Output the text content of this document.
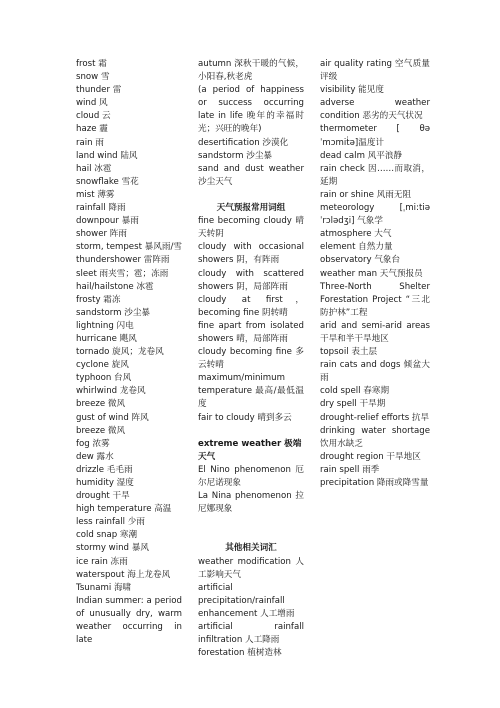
frost 霜

snow 雪

thunder 雷

wind 风

cloud 云

haze 霾

rain 雨

land wind 陆风

hail 冰雹

snowflake 雪花

mist 薄雾

rainfall 降雨

downpour 暴雨

shower 阵雨

storm, tempest 暴风雨/雪

thundershower 雷阵雨

sleet 雨夹雪；雹；冻雨

hail/hailstone 冰雹

frosty 霜冻

sandstorm 沙尘暴

lightning 闪电

hurricane 飓风

tornado 旋风；龙卷风

cyclone 旋风

typhoon 台风

whirlwind 龙卷风

breeze 微风

gust of wind 阵风

breeze 微风

fog 浓雾

dew 露水

drizzle 毛毛雨

humidity 湿度

drought 干旱

high temperature 高温

less rainfall 少雨

cold snap 寒潮

stormy wind 暴风

ice rain 冻雨

waterspout 海上龙卷风

Tsunami 海啸

Indian summer: a period of unusually dry, warm weather occurring in late

autumn 深秋干暖的气候，小阳春,秋老虎

(a period of happiness or success occurring late in life 晚年的幸福时光；兴旺的晚年)

desertification 沙漠化

sandstorm 沙尘暴

sand and dust weather 沙尘天气

天气预报常用词组

fine becoming cloudy 晴天转阴

cloudy with occasional showers 阴，有阵雨

cloudy with scattered showers 阴，局部阵雨

cloudy at first，becoming fine 阴转晴

fine apart from isolated showers 晴，局部阵雨

cloudy becoming fine 多云转晴

maximum/minimum temperature 最高/最低温度

fair to cloudy 晴到多云

extreme weather 极端天气

El Nino phenomenon 厄尔尼诺现象

La Nina phenomenon 拉尼娜现象

其他相关词汇

weather modification 人工影响天气

artificial precipitation/rainfall enhancement 人工增雨

artificial rainfall infiltration 人工降雨

forestation 植树造林

air quality rating 空气质量评级

visibility 能见度

adverse weather condition 恶劣的天气状况

thermometer [ θəˈmɔmiṫə]温度计

dead calm 风平浪静

rain check 因……而取消，延期

rain or shine 风雨无阻

meteorology [ˌmi:tiəˈrɔlədʒi] 气象学

atmosphere 大气

element 自然力量

observatory 气象台

weather man 天气预报员

Three-North Shelter Forestation Project “三北防护林”工程

arid and semi-arid areas 干旱和半干旱地区

topsoil 表土层

rain cats and dogs 倾盆大雨

cold spell 春寒期

dry spell 干旱期

drought-relief efforts 抗旱

drinking water shortage 饮用水缺乏

drought region 干旱地区

rain spell 雨季

precipitation 降雨或降雪量
